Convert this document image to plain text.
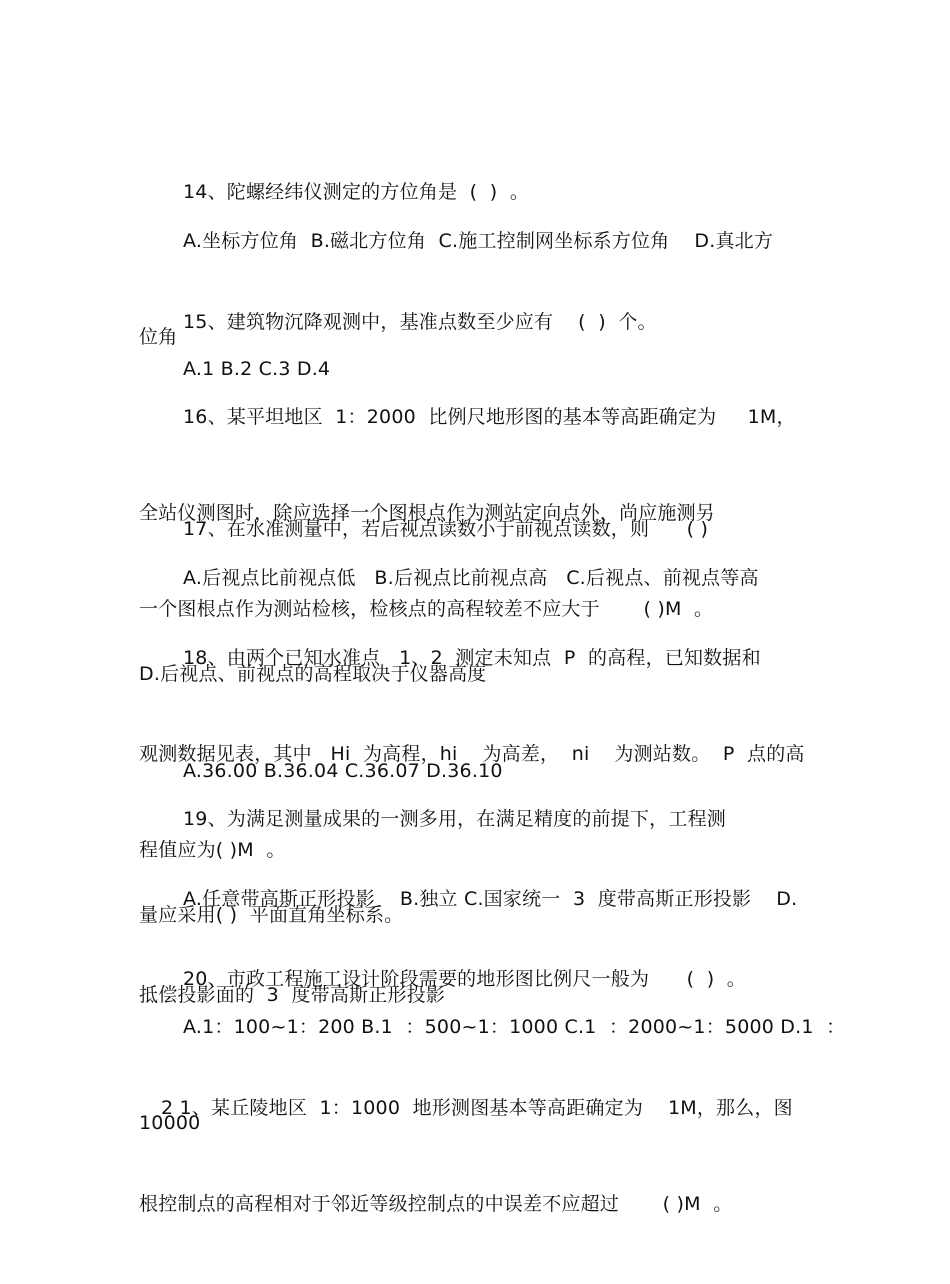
14、陀螺经纬仪测定的方位角是  (  )  。

A.坐标方位角  B.磁北方位角  C.施工控制网坐标系方位角    D.真北方

位角

15、建筑物沉降观测中，基准点数至少应有    (  )  个。

A.1 B.2 C.3 D.4

16、某平坦地区  1：2000  比例尺地形图的基本等高距确定为     1M，

全站仪测图时，除应选择一个图根点作为测站定向点外，尚应施测另

一个图根点作为测站检核，检核点的高程较差不应大于       ( )M  。

17、在水准测量中，若后视点读数小于前视点读数，则      ( )

A.后视点比前视点低   B.后视点比前视点高   C.后视点、前视点等高

D.后视点、前视点的高程取决于仪器高度

18、由两个已知水准点   1、2  测定未知点  P  的高程，已知数据和

观测数据见表，其中   Hi  为高程，hi    为高差，  ni    为测站数。  P  点的高

程值应为( )M  。

A.36.00 B.36.04 C.36.07 D.36.10

19、为满足测量成果的一测多用，在满足精度的前提下，工程测

量应采用( )  平面直角坐标系。

A.任意带高斯正形投影    B.独立 C.国家统一  3  度带高斯正形投影    D.

抵偿投影面的  3  度带高斯正形投影

20、市政工程施工设计阶段需要的地形图比例尺一般为      (  )  。

A.1：100~1：200 B.1  ：500~1：1000 C.1  ：2000~1：5000 D.1  ：

10000

2 1、某丘陵地区  1：1000  地形测图基本等高距确定为    1M，那么，图

根控制点的高程相对于邻近等级控制点的中误差不应超过       ( )M  。
